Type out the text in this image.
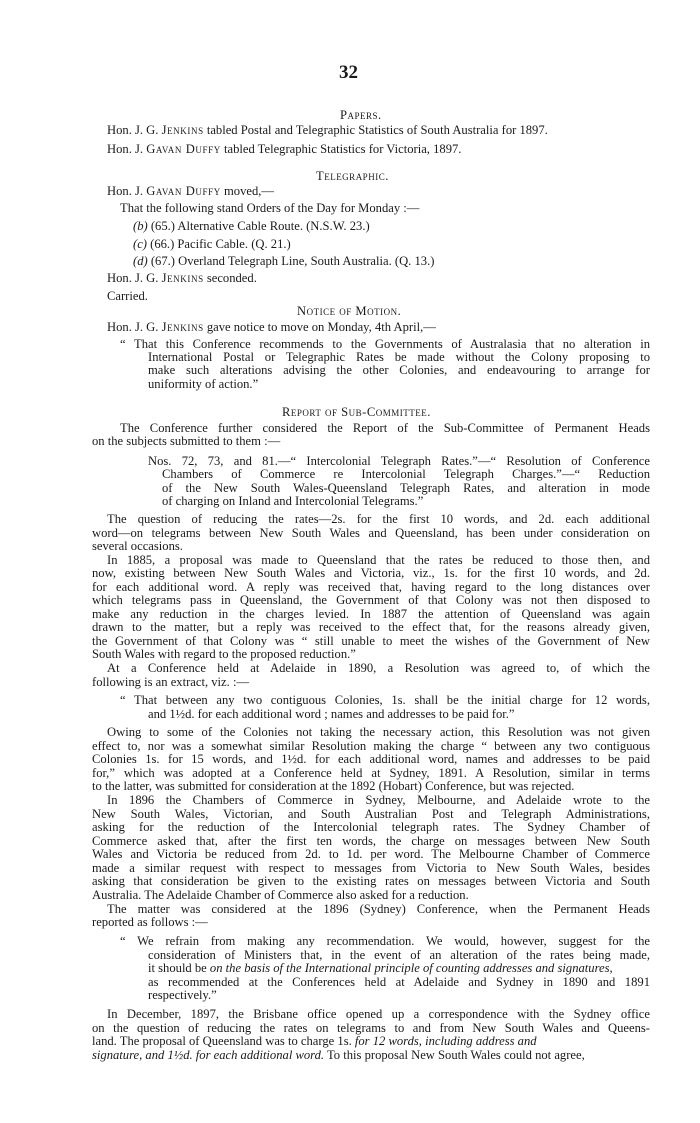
32
Papers.
Hon. J. G. Jenkins tabled Postal and Telegraphic Statistics of South Australia for 1897.
Hon. J. Gavan Duffy tabled Telegraphic Statistics for Victoria, 1897.
Telegraphic.
Hon. J. Gavan Duffy moved,—
That the following stand Orders of the Day for Monday :—
(b) (65.) Alternative Cable Route. (N.S.W. 23.)
(c) (66.) Pacific Cable. (Q. 21.)
(d) (67.) Overland Telegraph Line, South Australia. (Q. 13.)
Hon. J. G. Jenkins seconded.
Carried.
Notice of Motion.
Hon. J. G. Jenkins gave notice to move on Monday, 4th April,—
“ That this Conference recommends to the Governments of Australasia that no alteration in
International Postal or Telegraphic Rates be made without the Colony proposing to
make such alterations advising the other Colonies, and endeavouring to arrange for
uniformity of action.”
Report of Sub-Committee.
The Conference further considered the Report of the Sub-Committee of Permanent Heads
on the subjects submitted to them :—
Nos. 72, 73, and 81.—“ Intercolonial Telegraph Rates.”—“ Resolution of Conference
Chambers of Commerce re Intercolonial Telegraph Charges.”—“ Reduction
of the New South Wales-Queensland Telegraph Rates, and alteration in mode
of charging on Inland and Intercolonial Telegrams.”
The question of reducing the rates—2s. for the first 10 words, and 2d. each additional
word—on telegrams between New South Wales and Queensland, has been under consideration on
several occasions.
In 1885, a proposal was made to Queensland that the rates be reduced to those then, and
now, existing between New South Wales and Victoria, viz., 1s. for the first 10 words, and 2d.
for each additional word. A reply was received that, having regard to the long distances over
which telegrams pass in Queensland, the Government of that Colony was not then disposed to
make any reduction in the charges levied. In 1887 the attention of Queensland was again
drawn to the matter, but a reply was received to the effect that, for the reasons already given,
the Government of that Colony was “ still unable to meet the wishes of the Government of New
South Wales with regard to the proposed reduction.”
At a Conference held at Adelaide in 1890, a Resolution was agreed to, of which the
following is an extract, viz. :—
“ That between any two contiguous Colonies, 1s. shall be the initial charge for 12 words,
and 1½d. for each additional word ; names and addresses to be paid for.”
Owing to some of the Colonies not taking the necessary action, this Resolution was not given
effect to, nor was a somewhat similar Resolution making the charge “ between any two contiguous
Colonies 1s. for 15 words, and 1½d. for each additional word, names and addresses to be paid
for,” which was adopted at a Conference held at Sydney, 1891. A Resolution, similar in terms
to the latter, was submitted for consideration at the 1892 (Hobart) Conference, but was rejected.
In 1896 the Chambers of Commerce in Sydney, Melbourne, and Adelaide wrote to the
New South Wales, Victorian, and South Australian Post and Telegraph Administrations,
asking for the reduction of the Intercolonial telegraph rates. The Sydney Chamber of
Commerce asked that, after the first ten words, the charge on messages between New South
Wales and Victoria be reduced from 2d. to 1d. per word. The Melbourne Chamber of Commerce
made a similar request with respect to messages from Victoria to New South Wales, besides
asking that consideration be given to the existing rates on messages between Victoria and South
Australia. The Adelaide Chamber of Commerce also asked for a reduction.
The matter was considered at the 1896 (Sydney) Conference, when the Permanent Heads
reported as follows :—
“ We refrain from making any recommendation. We would, however, suggest for the
consideration of Ministers that, in the event of an alteration of the rates being made,
it should be on the basis of the International principle of counting addresses and signatures,
as recommended at the Conferences held at Adelaide and Sydney in 1890 and 1891
respectively.”
In December, 1897, the Brisbane office opened up a correspondence with the Sydney office
on the question of reducing the rates on telegrams to and from New South Wales and Queens-
land. The proposal of Queensland was to charge 1s. for 12 words, including address and
signature, and 1½d. for each additional word. To this proposal New South Wales could not agree,
